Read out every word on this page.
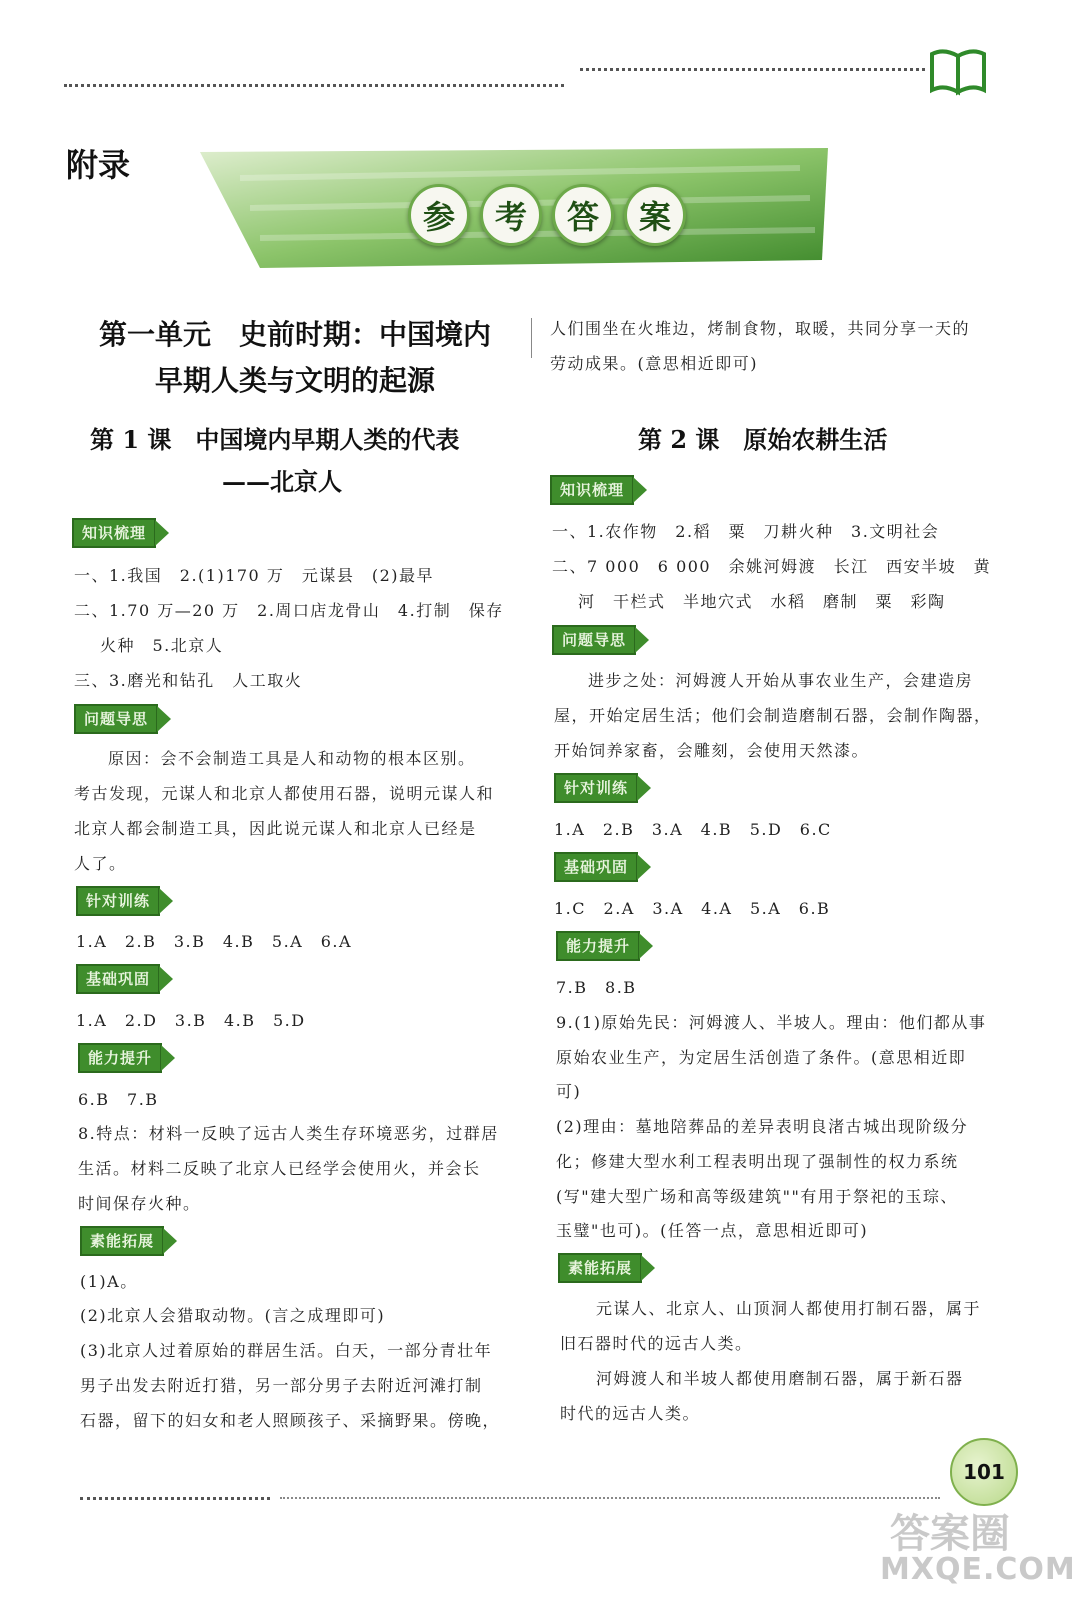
附录
参	考	答	案
第一单元　史前时期：中国境内
早期人类与文明的起源
第 1 课　中国境内早期人类的代表
——北京人
知识梳理
一、1.我国　2.(1)170 万　元谋县　(2)最早
二、1.70 万—20 万　2.周口店龙骨山　4.打制　保存
火种　5.北京人
三、3.磨光和钻孔　人工取火
问题导思
原因：会不会制造工具是人和动物的根本区别。
考古发现，元谋人和北京人都使用石器，说明元谋人和
北京人都会制造工具，因此说元谋人和北京人已经是
人了。
针对训练
1.A　2.B　3.B　4.B　5.A　6.A
基础巩固
1.A　2.D　3.B　4.B　5.D
能力提升
6.B　7.B
8.特点：材料一反映了远古人类生存环境恶劣，过群居
生活。材料二反映了北京人已经学会使用火，并会长
时间保存火种。
素能拓展
(1)A。
(2)北京人会猎取动物。(言之成理即可)
(3)北京人过着原始的群居生活。白天，一部分青壮年
男子出发去附近打猎，另一部分男子去附近河滩打制
石器，留下的妇女和老人照顾孩子、采摘野果。傍晚，
人们围坐在火堆边，烤制食物，取暖，共同分享一天的
劳动成果。(意思相近即可)
第 2 课　原始农耕生活
知识梳理
一、1.农作物　2.稻　粟　刀耕火种　3.文明社会
二、7 000　6 000　余姚河姆渡　长江　西安半坡　黄
河　干栏式　半地穴式　水稻　磨制　粟　彩陶
问题导思
进步之处：河姆渡人开始从事农业生产，会建造房
屋，开始定居生活；他们会制造磨制石器，会制作陶器，
开始饲养家畜，会雕刻，会使用天然漆。
针对训练
1.A　2.B　3.A　4.B　5.D　6.C
基础巩固
1.C　2.A　3.A　4.A　5.A　6.B
能力提升
7.B　8.B
9.(1)原始先民：河姆渡人、半坡人。理由：他们都从事
原始农业生产，为定居生活创造了条件。(意思相近即
可)
(2)理由：墓地陪葬品的差异表明良渚古城出现阶级分
化；修建大型水利工程表明出现了强制性的权力系统
(写"建大型广场和高等级建筑""有用于祭祀的玉琮、
玉璧"也可)。(任答一点，意思相近即可)
素能拓展
元谋人、北京人、山顶洞人都使用打制石器，属于
旧石器时代的远古人类。
河姆渡人和半坡人都使用磨制石器，属于新石器
时代的远古人类。
101
答案圈
MXQE.COM
